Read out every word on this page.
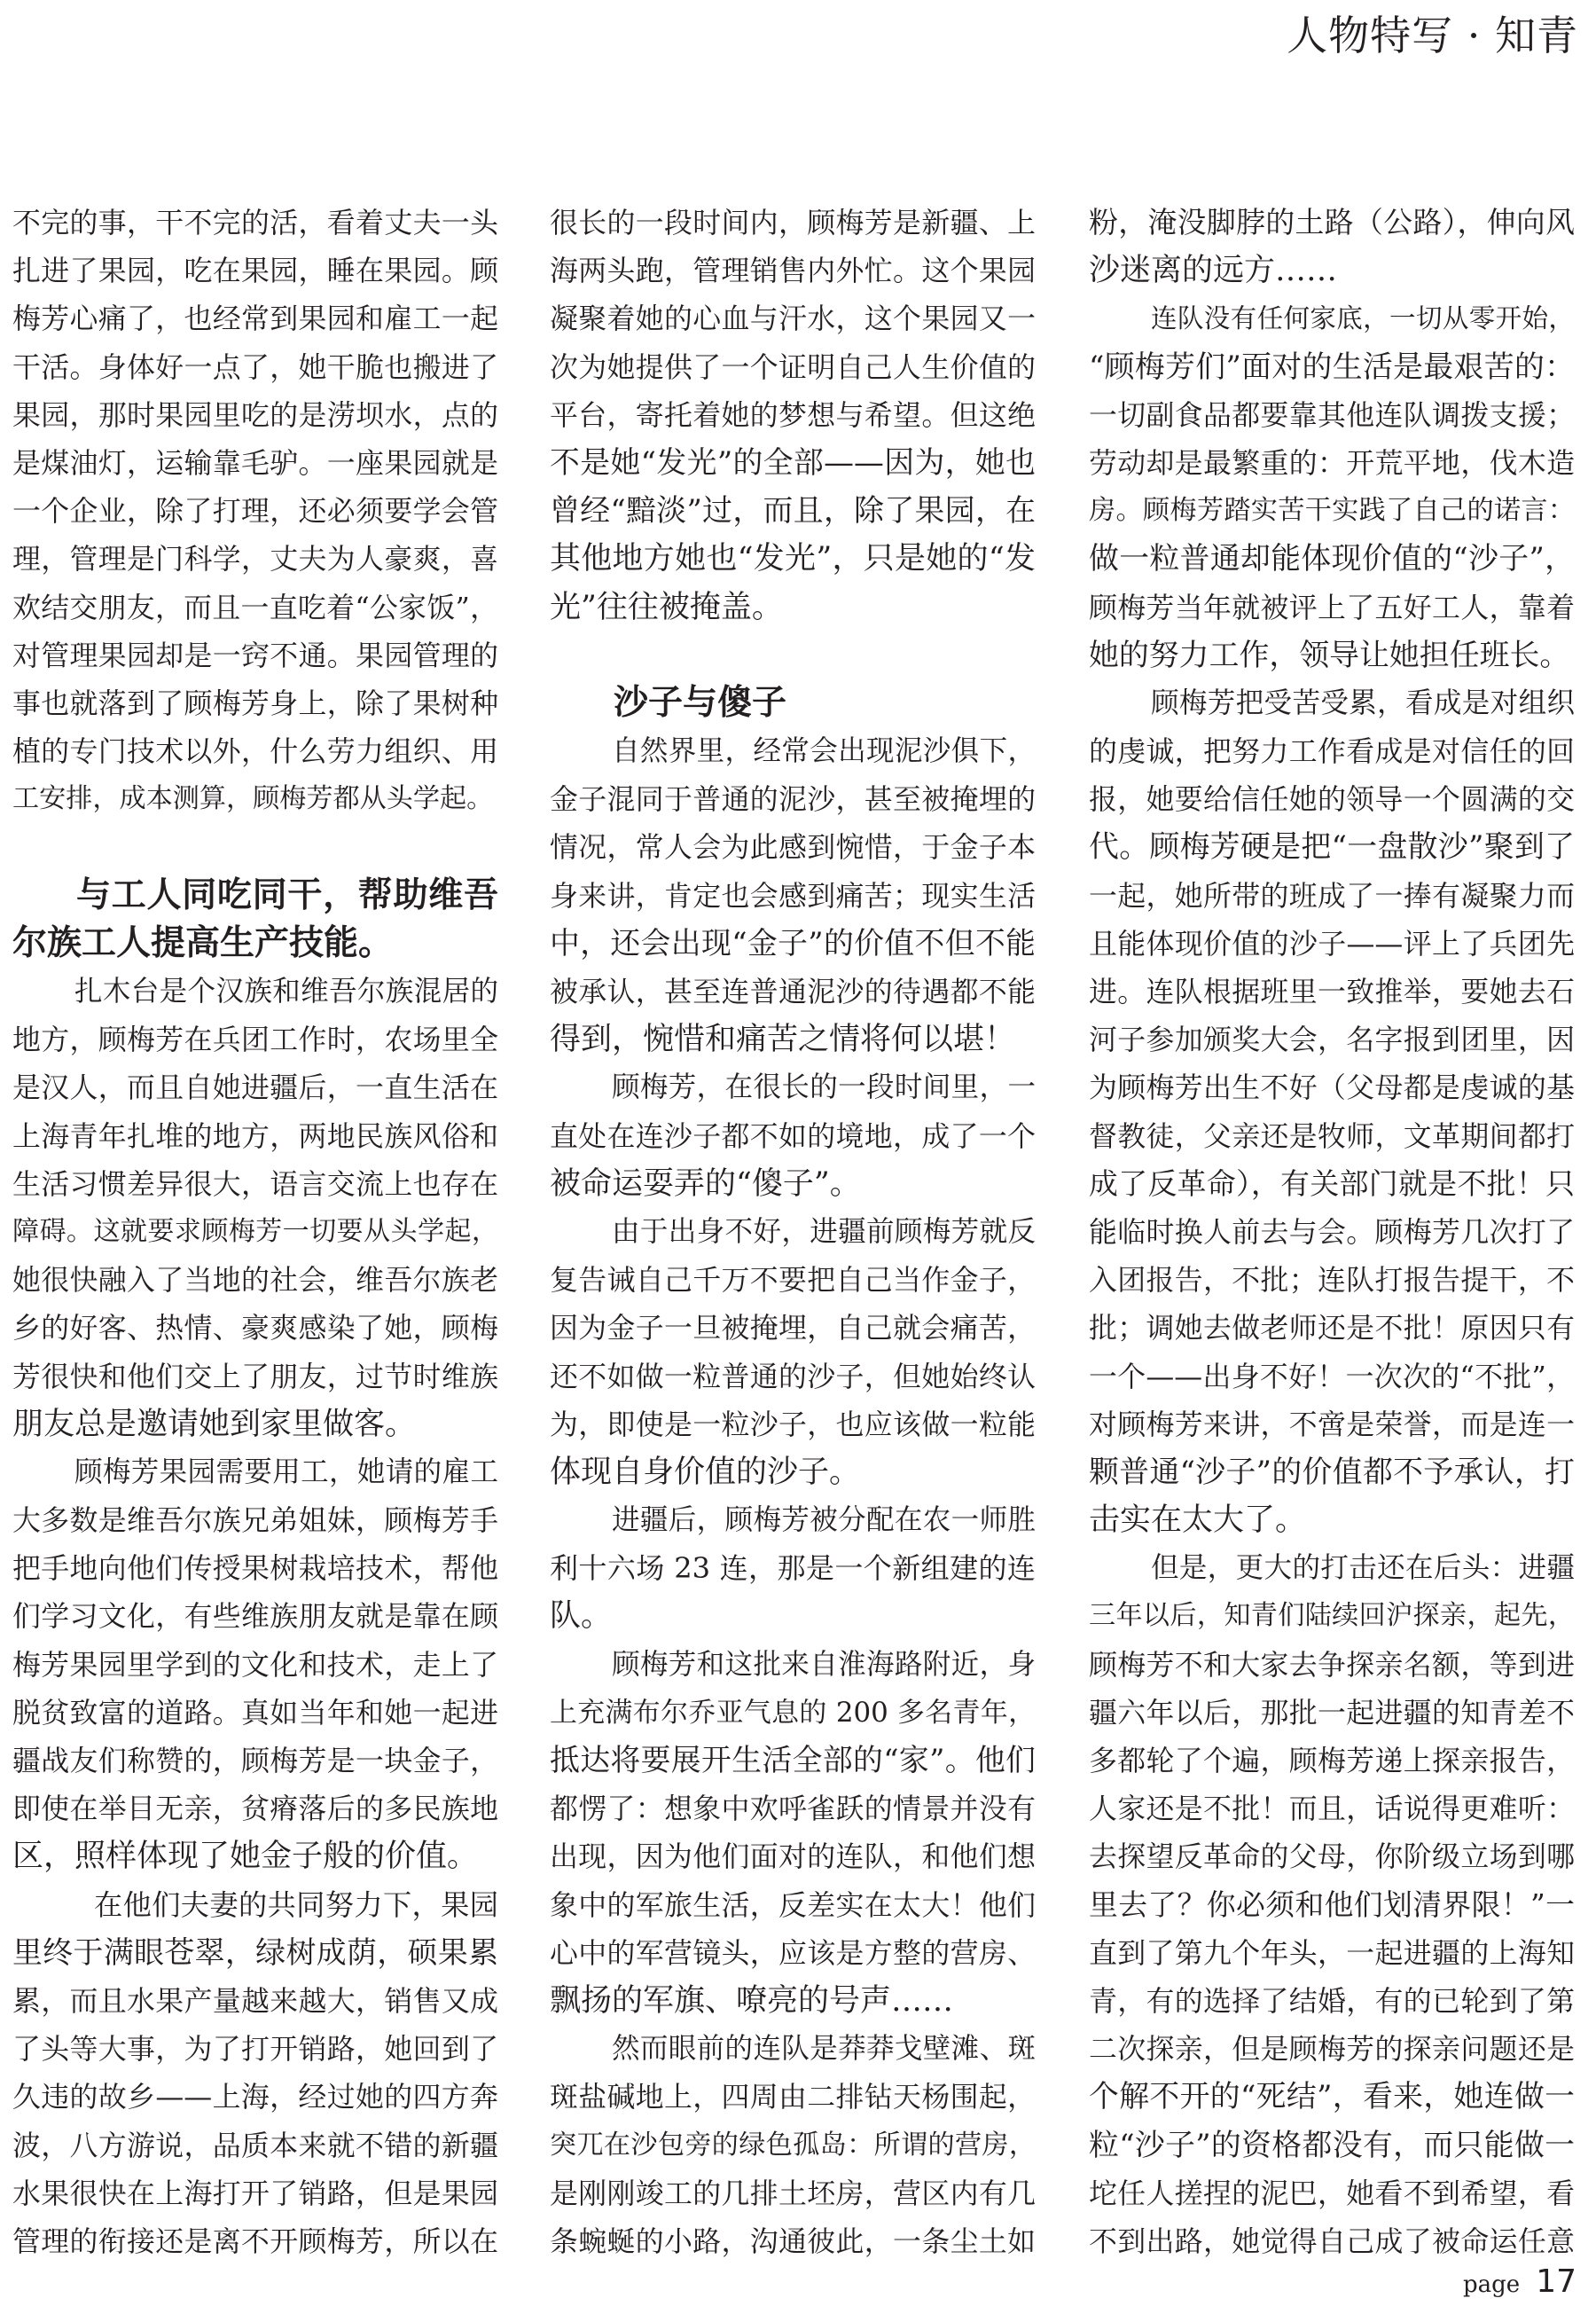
人物特写 · 知青
不完的事，干不完的活，看着丈夫一头
扎进了果园，吃在果园，睡在果园。顾
梅芳心痛了，也经常到果园和雇工一起
干活。身体好一点了，她干脆也搬进了
果园，那时果园里吃的是涝坝水，点的
是煤油灯，运输靠毛驴。一座果园就是
一个企业，除了打理，还必须要学会管
理，管理是门科学，丈夫为人豪爽，喜
欢结交朋友，而且一直吃着“公家饭”，
对管理果园却是一窍不通。果园管理的
事也就落到了顾梅芳身上，除了果树种
植的专门技术以外，什么劳力组织、用
工安排，成本测算，顾梅芳都从头学起。
与工人同吃同干，帮助维吾
尔族工人提高生产技能。
扎木台是个汉族和维吾尔族混居的
地方，顾梅芳在兵团工作时，农场里全
是汉人，而且自她进疆后，一直生活在
上海青年扎堆的地方，两地民族风俗和
生活习惯差异很大，语言交流上也存在
障碍。这就要求顾梅芳一切要从头学起，
她很快融入了当地的社会，维吾尔族老
乡的好客、热情、豪爽感染了她，顾梅
芳很快和他们交上了朋友，过节时维族
朋友总是邀请她到家里做客。
顾梅芳果园需要用工，她请的雇工
大多数是维吾尔族兄弟姐妹，顾梅芳手
把手地向他们传授果树栽培技术，帮他
们学习文化，有些维族朋友就是靠在顾
梅芳果园里学到的文化和技术，走上了
脱贫致富的道路。真如当年和她一起进
疆战友们称赞的，顾梅芳是一块金子，
即使在举目无亲，贫瘠落后的多民族地
区，照样体现了她金子般的价值。
在他们夫妻的共同努力下，果园
里终于满眼苍翠，绿树成荫，硕果累
累，而且水果产量越来越大，销售又成
了头等大事，为了打开销路，她回到了
久违的故乡——上海，经过她的四方奔
波，八方游说，品质本来就不错的新疆
水果很快在上海打开了销路，但是果园
管理的衔接还是离不开顾梅芳，所以在
很长的一段时间内，顾梅芳是新疆、上
海两头跑，管理销售内外忙。这个果园
凝聚着她的心血与汗水，这个果园又一
次为她提供了一个证明自己人生价值的
平台，寄托着她的梦想与希望。但这绝
不是她“发光”的全部——因为，她也
曾经“黯淡”过，而且，除了果园，在
其他地方她也“发光”，只是她的“发
光”往往被掩盖。
沙子与傻子
自然界里，经常会出现泥沙俱下，
金子混同于普通的泥沙，甚至被掩埋的
情况，常人会为此感到惋惜，于金子本
身来讲，肯定也会感到痛苦；现实生活
中，还会出现“金子”的价值不但不能
被承认，甚至连普通泥沙的待遇都不能
得到，惋惜和痛苦之情将何以堪！
顾梅芳，在很长的一段时间里，一
直处在连沙子都不如的境地，成了一个
被命运耍弄的“傻子”。
由于出身不好，进疆前顾梅芳就反
复告诫自己千万不要把自己当作金子，
因为金子一旦被掩埋，自己就会痛苦，
还不如做一粒普通的沙子，但她始终认
为，即使是一粒沙子，也应该做一粒能
体现自身价值的沙子。
进疆后，顾梅芳被分配在农一师胜
利十六场 23 连，那是一个新组建的连
队。
顾梅芳和这批来自淮海路附近，身
上充满布尔乔亚气息的 200 多名青年，
抵达将要展开生活全部的“家”。他们
都愣了：想象中欢呼雀跃的情景并没有
出现，因为他们面对的连队，和他们想
象中的军旅生活，反差实在太大！他们
心中的军营镜头，应该是方整的营房、
飘扬的军旗、嘹亮的号声……
然而眼前的连队是莽莽戈壁滩、斑
斑盐碱地上，四周由二排钻天杨围起，
突兀在沙包旁的绿色孤岛：所谓的营房，
是刚刚竣工的几排土坯房，营区内有几
条蜿蜒的小路，沟通彼此，一条尘土如
粉，淹没脚脖的土路（公路），伸向风
沙迷离的远方……
连队没有任何家底，一切从零开始，
“顾梅芳们”面对的生活是最艰苦的：
一切副食品都要靠其他连队调拨支援；
劳动却是最繁重的：开荒平地，伐木造
房。顾梅芳踏实苦干实践了自己的诺言：
做一粒普通却能体现价值的“沙子”，
顾梅芳当年就被评上了五好工人，靠着
她的努力工作，领导让她担任班长。
顾梅芳把受苦受累，看成是对组织
的虔诚，把努力工作看成是对信任的回
报，她要给信任她的领导一个圆满的交
代。顾梅芳硬是把“一盘散沙”聚到了
一起，她所带的班成了一捧有凝聚力而
且能体现价值的沙子——评上了兵团先
进。连队根据班里一致推举，要她去石
河子参加颁奖大会，名字报到团里，因
为顾梅芳出生不好（父母都是虔诚的基
督教徒，父亲还是牧师，文革期间都打
成了反革命），有关部门就是不批！只
能临时换人前去与会。顾梅芳几次打了
入团报告，不批；连队打报告提干，不
批；调她去做老师还是不批！原因只有
一个——出身不好！一次次的“不批”，
对顾梅芳来讲，不啻是荣誉，而是连一
颗普通“沙子”的价值都不予承认，打
击实在太大了。
但是，更大的打击还在后头：进疆
三年以后，知青们陆续回沪探亲，起先，
顾梅芳不和大家去争探亲名额，等到进
疆六年以后，那批一起进疆的知青差不
多都轮了个遍，顾梅芳递上探亲报告，
人家还是不批！而且，话说得更难听：
去探望反革命的父母，你阶级立场到哪
里去了？你必须和他们划清界限！”一
直到了第九个年头，一起进疆的上海知
青，有的选择了结婚，有的已轮到了第
二次探亲，但是顾梅芳的探亲问题还是
个解不开的“死结”，看来，她连做一
粒“沙子”的资格都没有，而只能做一
坨任人搓捏的泥巴，她看不到希望，看
不到出路，她觉得自己成了被命运任意
page 17
